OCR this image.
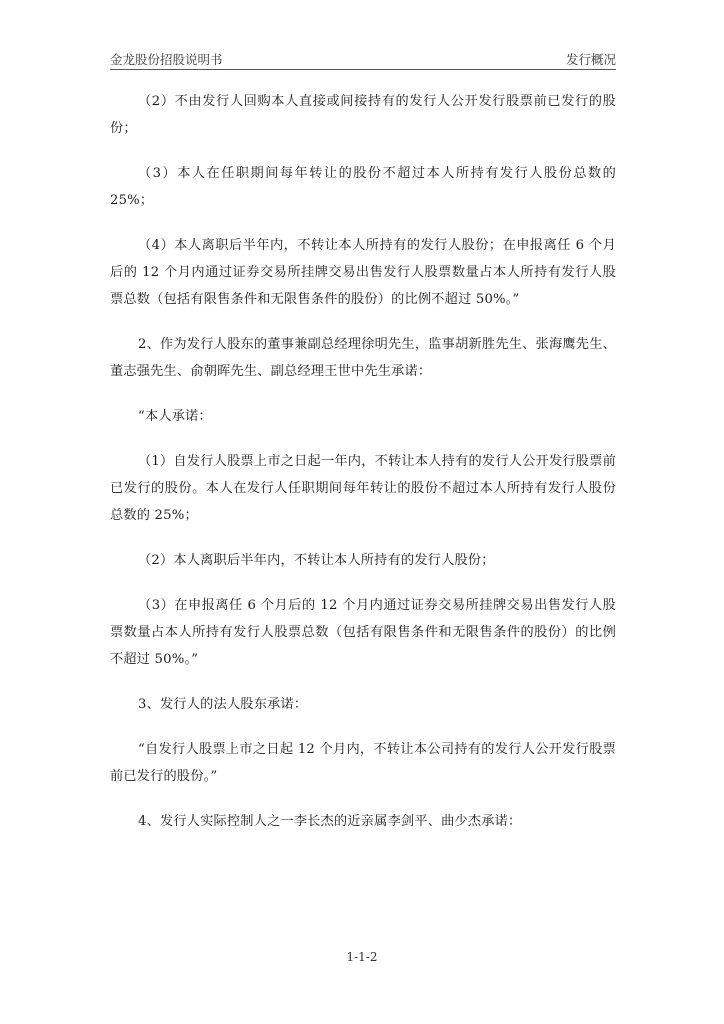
金龙股份招股说明书	发行概况

（2）不由发行人回购本人直接或间接持有的发行人公开发行股票前已发行的股份；

（3）本人在任职期间每年转让的股份不超过本人所持有发行人股份总数的25%；

（4）本人离职后半年内，不转让本人所持有的发行人股份；在申报离任 6 个月后的 12 个月内通过证券交易所挂牌交易出售发行人股票数量占本人所持有发行人股票总数（包括有限售条件和无限售条件的股份）的比例不超过 50%。”

2、作为发行人股东的董事兼副总经理徐明先生，监事胡新胜先生、张海鹰先生、董志强先生、俞朝晖先生、副总经理王世中先生承诺：

“本人承诺：

（1）自发行人股票上市之日起一年内，不转让本人持有的发行人公开发行股票前已发行的股份。本人在发行人任职期间每年转让的股份不超过本人所持有发行人股份总数的 25%；

（2）本人离职后半年内，不转让本人所持有的发行人股份；

（3）在申报离任 6 个月后的 12 个月内通过证券交易所挂牌交易出售发行人股票数量占本人所持有发行人股票总数（包括有限售条件和无限售条件的股份）的比例不超过 50%。”

3、发行人的法人股东承诺：

“自发行人股票上市之日起 12 个月内，不转让本公司持有的发行人公开发行股票前已发行的股份。”

4、发行人实际控制人之一李长杰的近亲属李剑平、曲少杰承诺：

1-1-2
